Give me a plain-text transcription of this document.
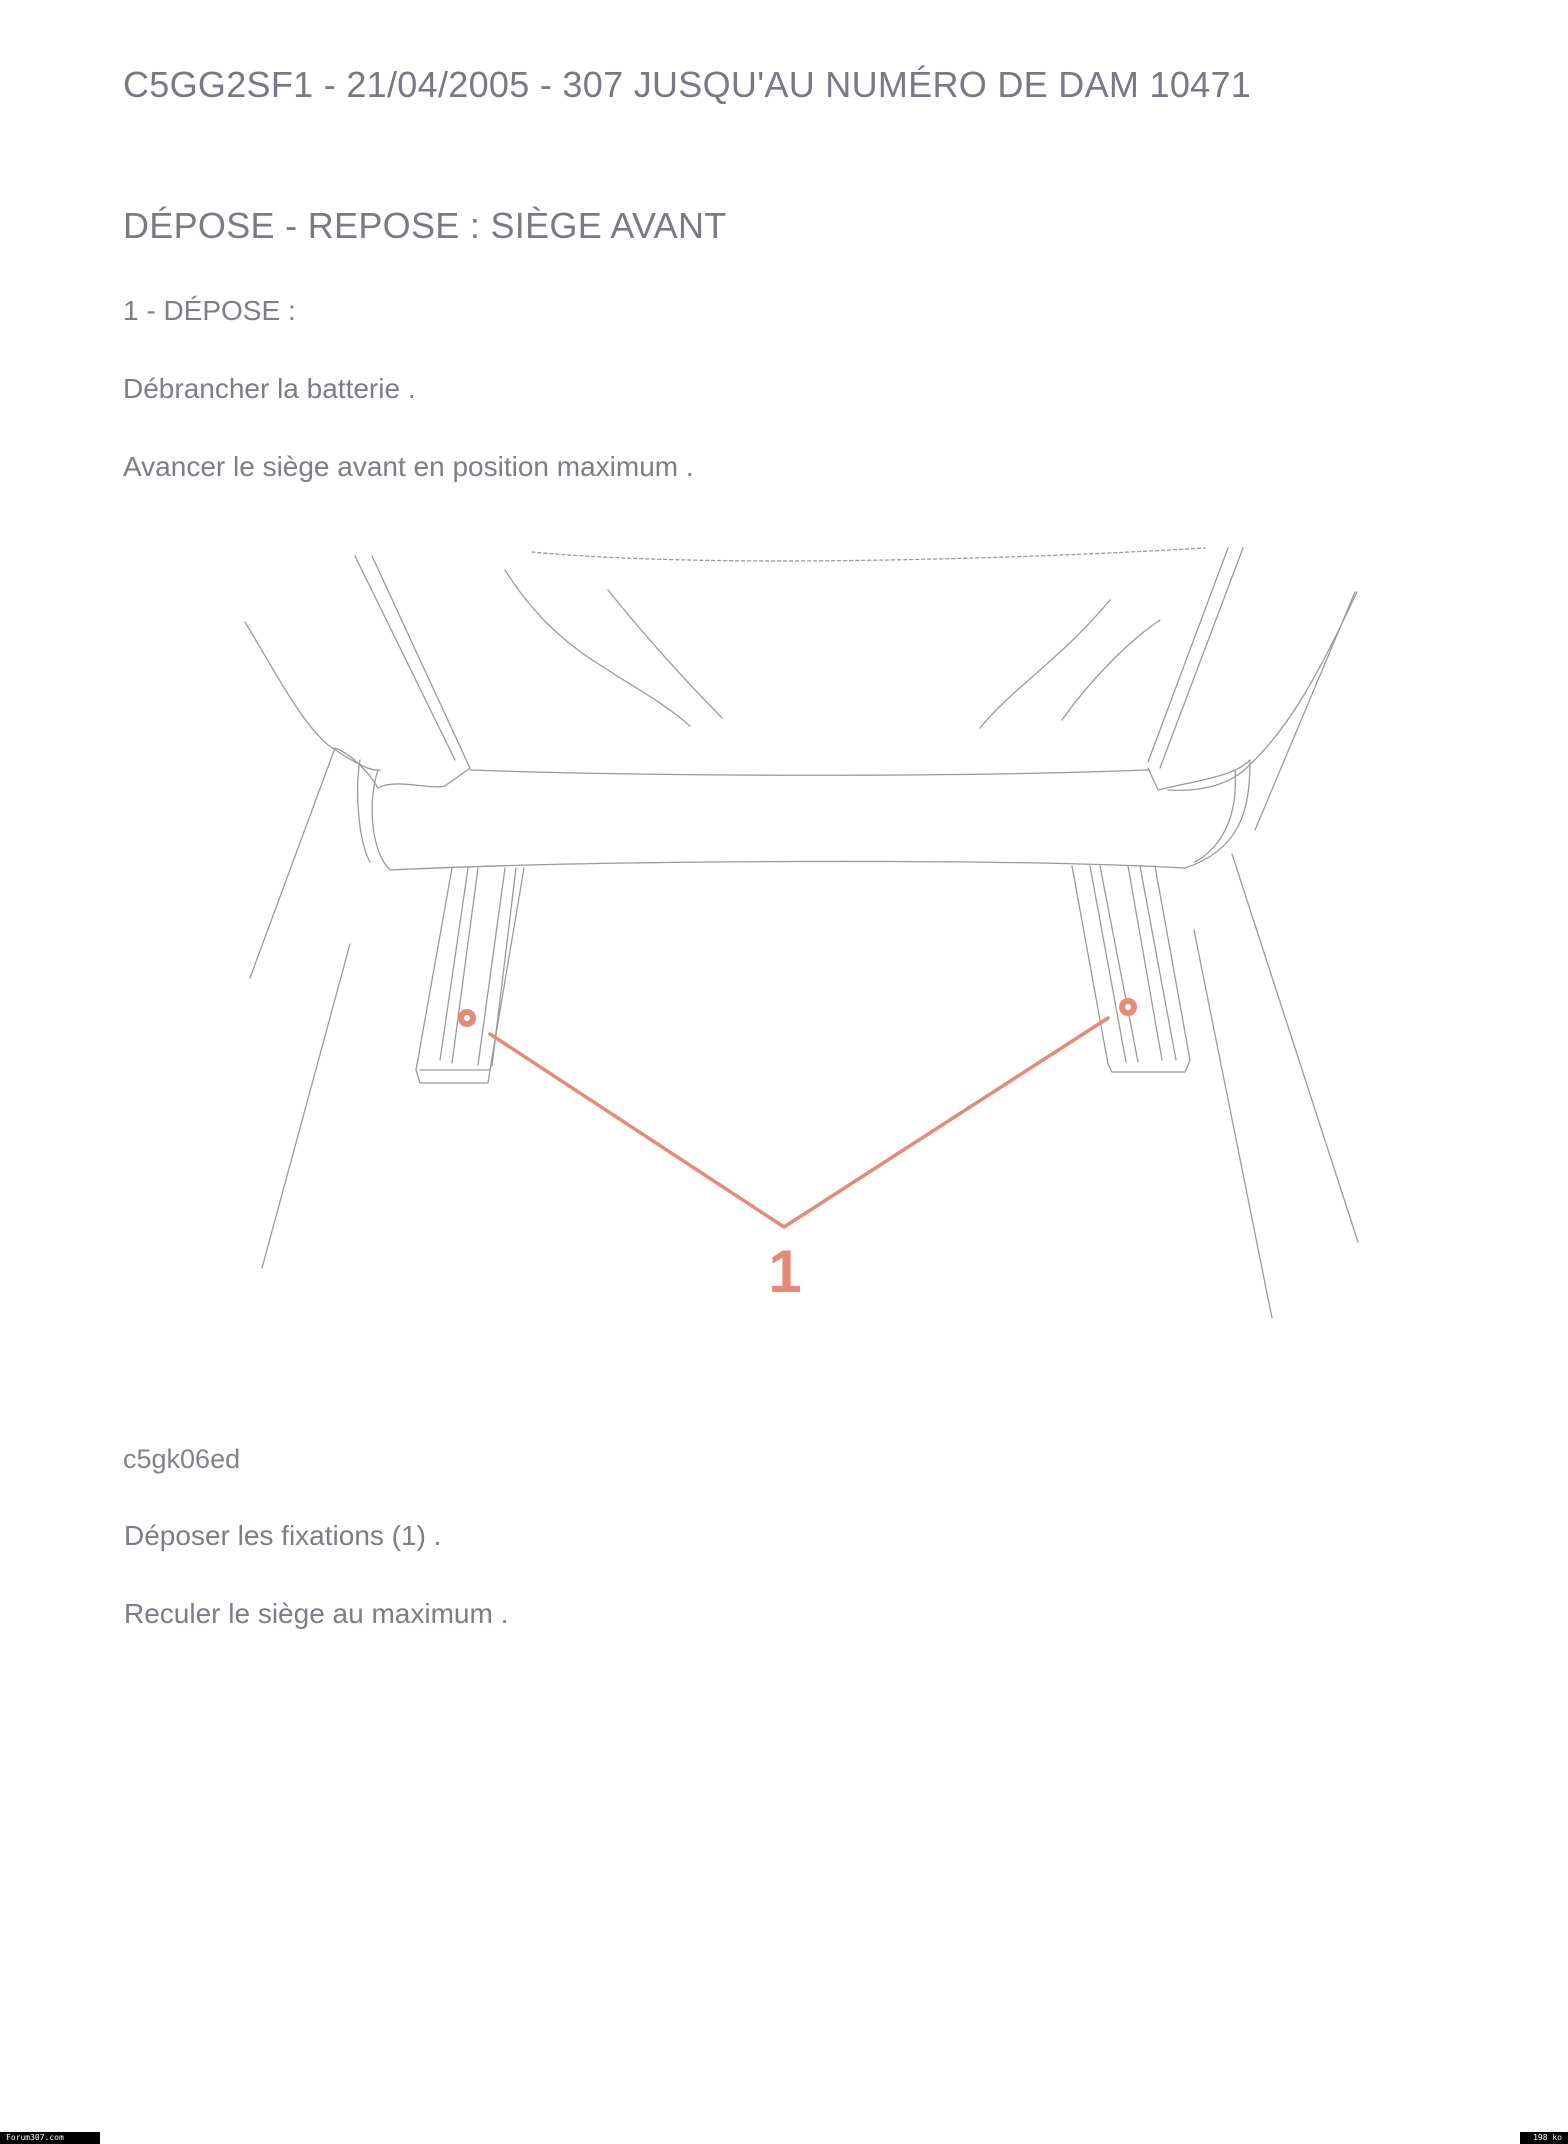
C5GG2SF1 - 21/04/2005 - 307 JUSQU'AU NUMÉRO DE DAM 10471
DÉPOSE - REPOSE : SIÈGE AVANT
1 - DÉPOSE :
Débrancher la batterie .
Avancer le siège avant en position maximum .
1
c5gk06ed
Déposer les fixations (1) .
Reculer le siège au maximum .
Forum307.com	198 ko
